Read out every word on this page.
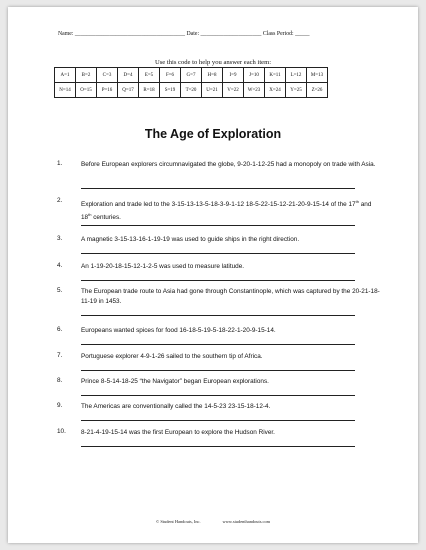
Name: ______________________________________ Date: _____________________ Class Period: _____
Use this code to help you answer each item:
A=1	B=2	C=3	D=4	E=5	F=6	G=7	H=8	I=9	J=10	K=11	L=12	M=13
N=14	O=15	P=16	Q=17	R=18	S=19	T=20	U=21	V=22	W=23	X=24	Y=25	Z=26
The Age of Exploration
1.	Before European explorers circumnavigated the globe, 9-20-1-12-25 had a monopoly on trade with Asia.
2.
Exploration and trade led to the 3-15-13-13-5-18-3-9-1-12 18-5-22-15-12-21-20-9-15-14 of the 17th and 18th centuries.
3.	A magnetic 3-15-13-16-1-19-19 was used to guide ships in the right direction.
4.	An 1-19-20-18-15-12-1-2-5 was used to measure latitude.
5.	The European trade route to Asia had gone through Constantinople, which was captured by the 20-21-18-11-19 in 1453.
6.	Europeans wanted spices for food 16-18-5-19-5-18-22-1-20-9-15-14.
7.	Portuguese explorer 4-9-1-26 sailed to the southern tip of Africa.
8.	Prince 8-5-14-18-25 “the Navigator” began European explorations.
9.	The Americas are conventionally called the 14-5-23 23-15-18-12-4.
10. 8-21-4-19-15-14 was the first European to explore the Hudson River.
© Student Handouts, Inc.                    www.studenthandouts.com
